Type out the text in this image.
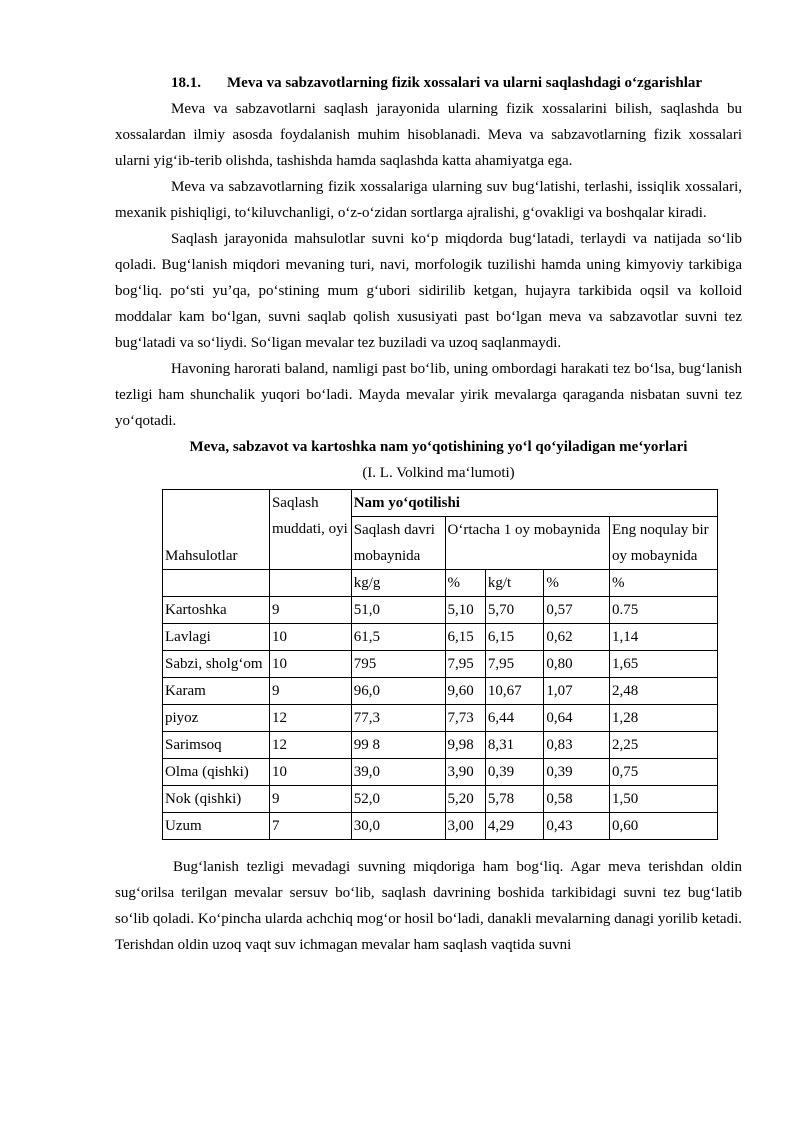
18.1. Meva va sabzavotlarning fizik xossalari va ularni saqlashdagi o‘zgarishlar

Meva va sabzavotlarni saqlash jarayonida ularning fizik xossalarini bilish, saqlashda bu xossalardan ilmiy asosda foydalanish muhim hisoblanadi. Meva va sabzavotlarning fizik xossalari ularni yig‘ib-terib olishda, tashishda hamda saqlashda katta ahamiyatga ega.

Meva va sabzavotlarning fizik xossalariga ularning suv bug‘latishi, terlashi, issiqlik xossalari, mexanik pishiqligi, to‘kiluvchanligi, o‘z-o‘zidan sortlarga ajralishi, g‘ovakligi va boshqalar kiradi.

Saqlash jarayonida mahsulotlar suvni ko‘p miqdorda bug‘latadi, terlaydi va natijada so‘lib qoladi. Bug‘lanish miqdori mevaning turi, navi, morfologik tuzilishi hamda uning kimyoviy tarkibiga bog‘liq. po‘sti yu’qa, po‘stining mum g‘ubori sidirilib ketgan, hujayra tarkibida oqsil va kolloid moddalar kam bo‘lgan, suvni saqlab qolish xususiyati past bo‘lgan meva va sabzavotlar suvni tez bug‘latadi va so‘liydi. So‘ligan mevalar tez buziladi va uzoq saqlanmaydi.

Havoning harorati baland, namligi past bo‘lib, uning ombordagi harakati tez bo‘lsa, bug‘lanish tezligi ham shunchalik yuqori bo‘ladi. Mayda mevalar yirik mevalarga qaraganda nisbatan suvni tez yo‘qotadi.

Meva, sabzavot va kartoshka nam yo‘qotishining yo‘l qo‘yiladigan me‘yorlari

(I. L. Volkind ma‘lumoti)

Mahsulotlar	Saqlash muddati, oyi	Nam yo‘qotilishi				
		Saqlash davri mobaynida	O‘rtacha 1 oy mobaynida			Eng noqulay bir oy mobaynida

		kg/g	%	kg/t	%	%
Kartoshka	9	51,0	5,10	5,70	0,57	0.75
Lavlagi	10	61,5	6,15	6,15	0,62	1,14
Sabzi, sholg‘om	10	795	7,95	7,95	0,80	1,65
Karam	9	96,0	9,60	10,67	1,07	2,48
piyoz	12	77,3	7,73	6,44	0,64	1,28
Sarimsoq	12	99 8	9,98	8,31	0,83	2,25
Olma (qishki)	10	39,0	3,90	0,39	0,39	0,75
Nok (qishki)	9	52,0	5,20	5,78	0,58	1,50
Uzum	7	30,0	3,00	4,29	0,43	0,60

Bug‘lanish tezligi mevadagi suvning miqdoriga ham bog‘liq. Agar meva terishdan oldin sug‘orilsa terilgan mevalar sersuv bo‘lib, saqlash davrining boshida tarkibidagi suvni tez bug‘latib so‘lib qoladi. Ko‘pincha ularda achchiq mog‘or hosil bo‘ladi, danakli mevalarning danagi yorilib ketadi. Terishdan oldin uzoq vaqt suv ichmagan mevalar ham saqlash vaqtida suvni
